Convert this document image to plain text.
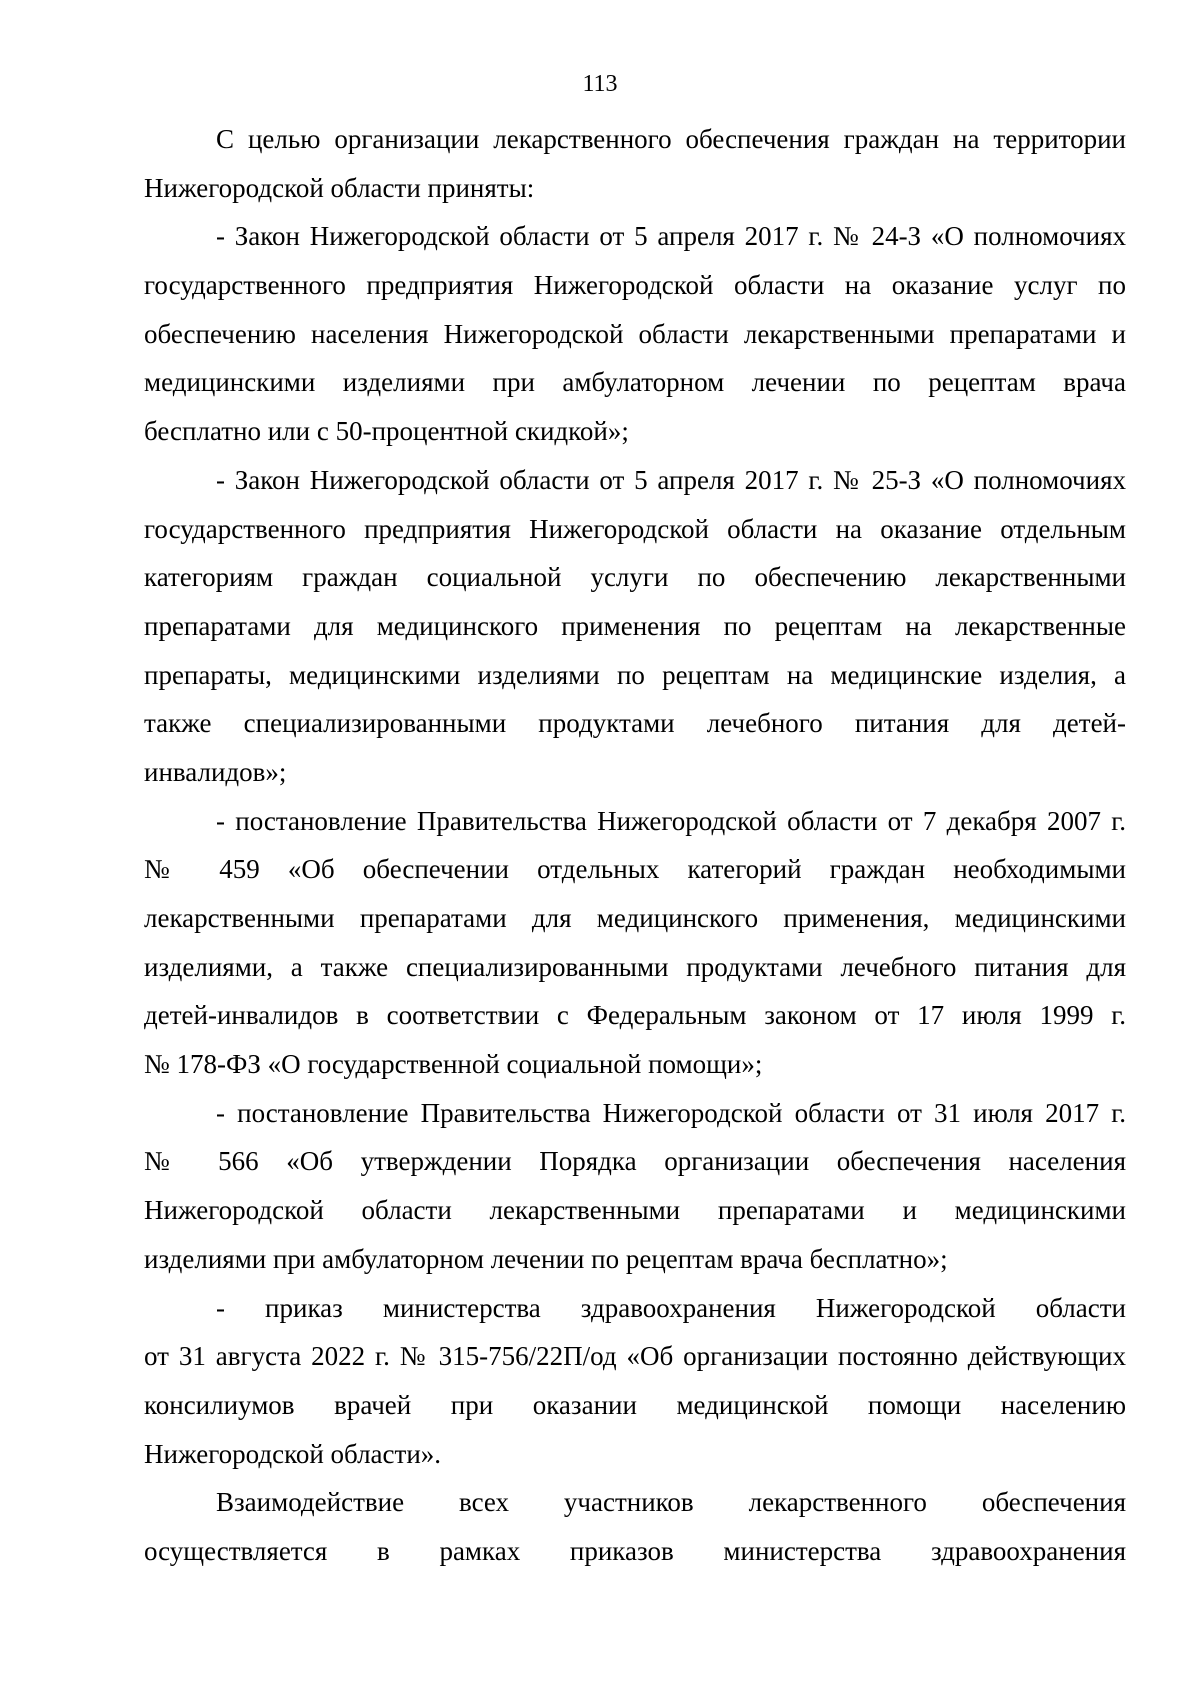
113
С целью организации лекарственного обеспечения граждан на территории
Нижегородской области приняты:
- Закон Нижегородской области от 5 апреля 2017 г. № 24-З «О полномочиях
государственного предприятия Нижегородской области на оказание услуг по
обеспечению населения Нижегородской области лекарственными препаратами и
медицинскими изделиями при амбулаторном лечении по рецептам врача
бесплатно или с 50-процентной скидкой»;
- Закон Нижегородской области от 5 апреля 2017 г. № 25-З «О полномочиях
государственного предприятия Нижегородской области на оказание отдельным
категориям граждан социальной услуги по обеспечению лекарственными
препаратами для медицинского применения по рецептам на лекарственные
препараты, медицинскими изделиями по рецептам на медицинские изделия, а
также специализированными продуктами лечебного питания для детей-
инвалидов»;
- постановление Правительства Нижегородской области от 7 декабря 2007 г.
№ 459 «Об обеспечении отдельных категорий граждан необходимыми
лекарственными препаратами для медицинского применения, медицинскими
изделиями, а также специализированными продуктами лечебного питания для
детей-инвалидов в соответствии с Федеральным законом от 17 июля 1999 г.
№ 178-ФЗ «О государственной социальной помощи»;
- постановление Правительства Нижегородской области от 31 июля 2017 г.
№ 566 «Об утверждении Порядка организации обеспечения населения
Нижегородской области лекарственными препаратами и медицинскими
изделиями при амбулаторном лечении по рецептам врача бесплатно»;
- приказ министерства здравоохранения Нижегородской области
от 31 августа 2022 г. № 315-756/22П/од «Об организации постоянно действующих
консилиумов врачей при оказании медицинской помощи населению
Нижегородской области».
Взаимодействие всех участников лекарственного обеспечения
осуществляется в рамках приказов министерства здравоохранения
